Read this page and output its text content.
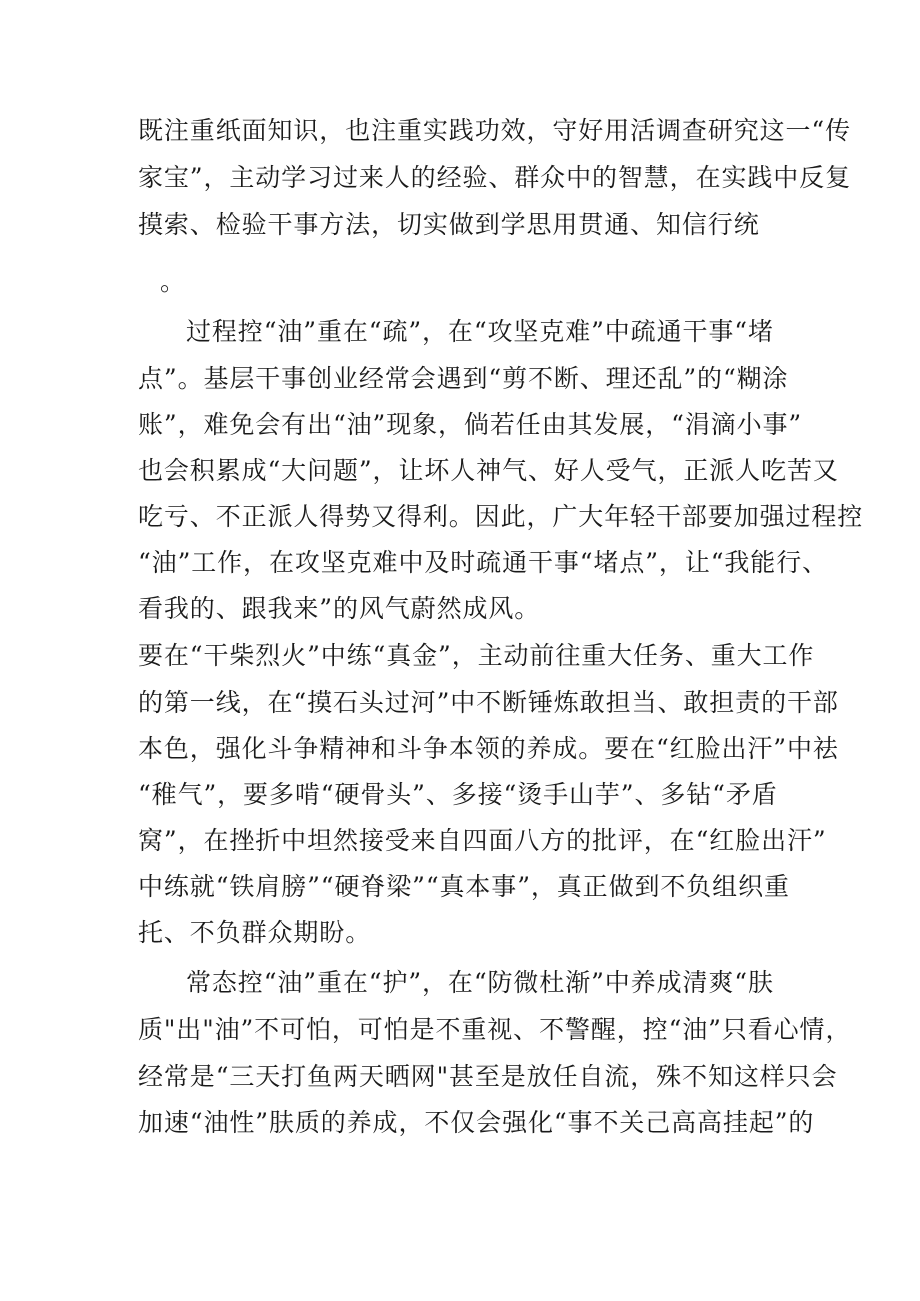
既注重纸面知识，也注重实践功效，守好用活调查研究这一“传
家宝”，主动学习过来人的经验、群众中的智慧，在实践中反复
摸索、检验干事方法，切实做到学思用贯通、知信行统
。
过程控“油”重在“疏”，在“攻坚克难”中疏通干事“堵
点”。基层干事创业经常会遇到“剪不断、理还乱”的“糊涂
账”，难免会有出“油”现象，倘若任由其发展，“涓滴小事”
也会积累成“大问题”，让坏人神气、好人受气，正派人吃苦又
吃亏、不正派人得势又得利。因此，广大年轻干部要加强过程控
“油”工作，在攻坚克难中及时疏通干事“堵点”，让“我能行、
看我的、跟我来”的风气蔚然成风。
要在“干柴烈火”中练“真金”，主动前往重大任务、重大工作
的第一线，在“摸石头过河”中不断锤炼敢担当、敢担责的干部
本色，强化斗争精神和斗争本领的养成。要在“红脸出汗”中祛
“稚气”，要多啃“硬骨头”、多接“烫手山芋”、多钻“矛盾
窝”，在挫折中坦然接受来自四面八方的批评，在“红脸出汗”
中练就“铁肩膀”“硬脊梁”“真本事”，真正做到不负组织重
托、不负群众期盼。
常态控“油”重在“护”，在“防微杜渐”中养成清爽“肤
质"出"油”不可怕，可怕是不重视、不警醒，控“油”只看心情，
经常是“三天打鱼两天晒网"甚至是放任自流，殊不知这样只会
加速“油性”肤质的养成，不仅会强化“事不关己高高挂起”的
